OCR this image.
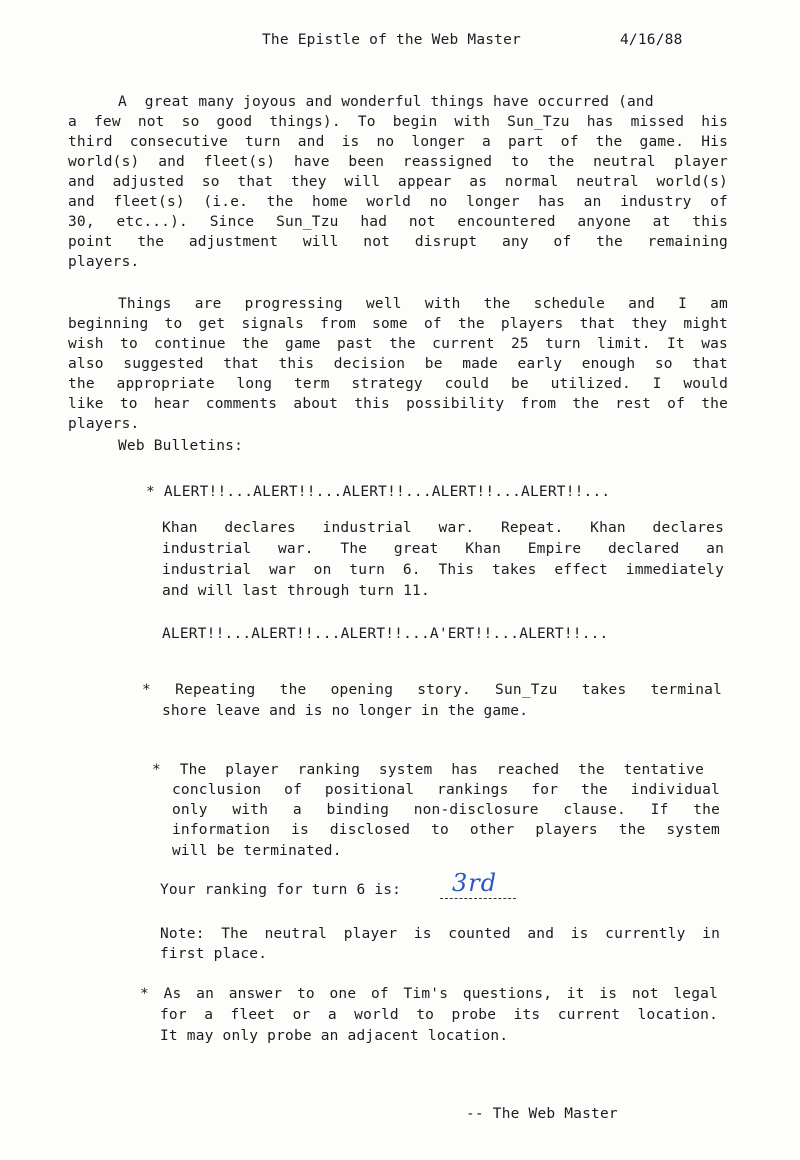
The Epistle of the Web Master	4/16/88
A  great many joyous and wonderful things have occurred (and
a few not so good things). To begin with Sun_Tzu has missed his
third consecutive turn and is no longer a part of the game. His
world(s) and fleet(s) have been reassigned to the neutral player
and adjusted so that they will appear as normal neutral world(s)
and fleet(s) (i.e. the home world no longer has an industry of
30, etc...). Since Sun_Tzu had not encountered anyone at this
point the adjustment will not disrupt any of the remaining
players.
Things are progressing well with the schedule and I am
beginning to get signals from some of the players that they might
wish to continue the game past the current 25 turn limit. It was
also suggested that this decision be made early enough so that
the appropriate long term strategy could be utilized. I would
like to hear comments about this possibility from the rest of the
players.
Web Bulletins:
* ALERT!!...ALERT!!...ALERT!!...ALERT!!...ALERT!!...
Khan declares industrial war. Repeat. Khan declares
industrial war. The great Khan Empire declared an
industrial war on turn 6. This takes effect immediately
and will last through turn 11.
ALERT!!...ALERT!!...ALERT!!...A'ERT!!...ALERT!!...
* Repeating the opening story. Sun_Tzu takes terminal
shore leave and is no longer in the game.
* The player ranking system has reached the tentative
conclusion of positional rankings for the individual
only with a binding non-disclosure clause. If the
information is disclosed to other players the system
will be terminated.
Your ranking for turn 6 is: 3rd
Note: The neutral player is counted and is currently in
first place.
* As an answer to one of Tim's questions, it is not legal
for a fleet or a world to probe its current location.
It may only probe an adjacent location.
-- The Web Master
